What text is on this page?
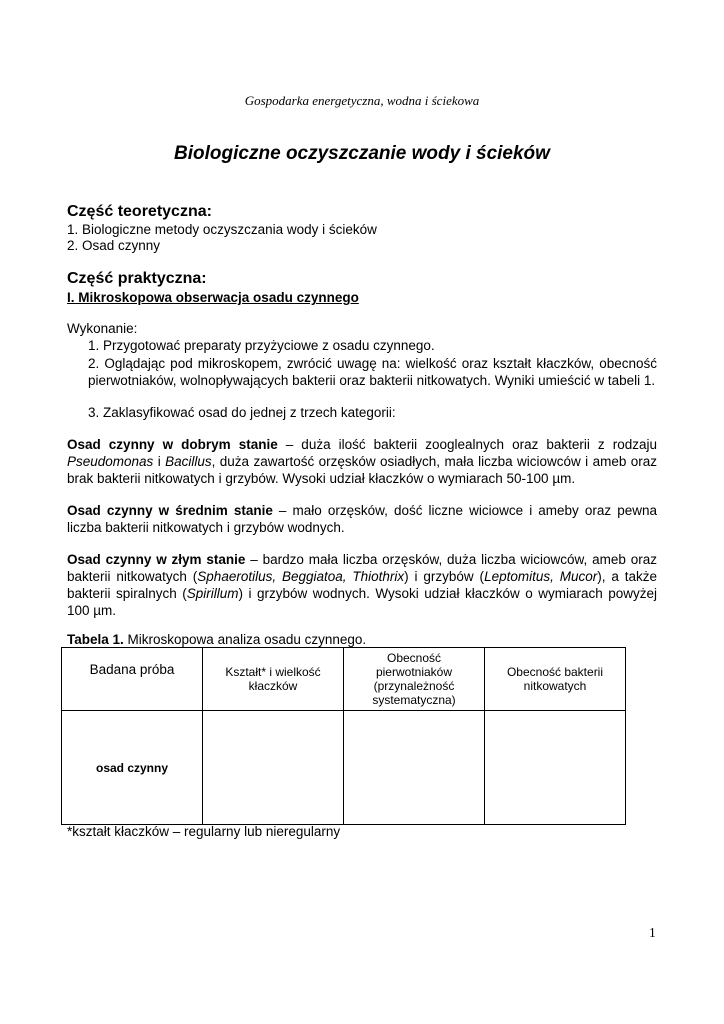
Gospodarka energetyczna, wodna i ściekowa
Biologiczne oczyszczanie wody i ścieków
Część teoretyczna:
1. Biologiczne metody oczyszczania wody i ścieków
2. Osad czynny
Część praktyczna:
I. Mikroskopowa obserwacja osadu czynnego
Wykonanie:
1. Przygotować preparaty przyżyciowe z osadu czynnego.
2. Oglądając pod mikroskopem, zwrócić uwagę na: wielkość oraz kształt kłaczków, obecność pierwotniaków, wolnopływających bakterii oraz bakterii nitkowatych. Wyniki umieścić w tabeli 1.
3. Zaklasyfikować osad do jednej z trzech kategorii:
Osad czynny w dobrym stanie – duża ilość bakterii zooglealnych oraz bakterii z rodzaju Pseudomonas i Bacillus, duża zawartość orzęsków osiadłych, mała liczba wiciowców i ameb oraz brak bakterii nitkowatych i grzybów. Wysoki udział kłaczków o wymiarach 50-100 µm.
Osad czynny w średnim stanie – mało orzęsków, dość liczne wiciowce i ameby oraz pewna liczba bakterii nitkowatych i grzybów wodnych.
Osad czynny w złym stanie – bardzo mała liczba orzęsków, duża liczba wiciowców, ameb oraz bakterii nitkowatych (Sphaerotilus, Beggiatoa, Thiothrix) i grzybów (Leptomitus, Mucor), a także bakterii spiralnych (Spirillum) i grzybów wodnych. Wysoki udział kłaczków o wymiarach powyżej 100 µm.
Tabela 1. Mikroskopowa analiza osadu czynnego.
Badana próba	Kształt* i wielkość kłaczków	Obecność pierwotniaków (przynależność systematyczna)	Obecność bakterii nitkowatych
osad czynny			
*kształt kłaczków – regularny lub nieregularny
1
